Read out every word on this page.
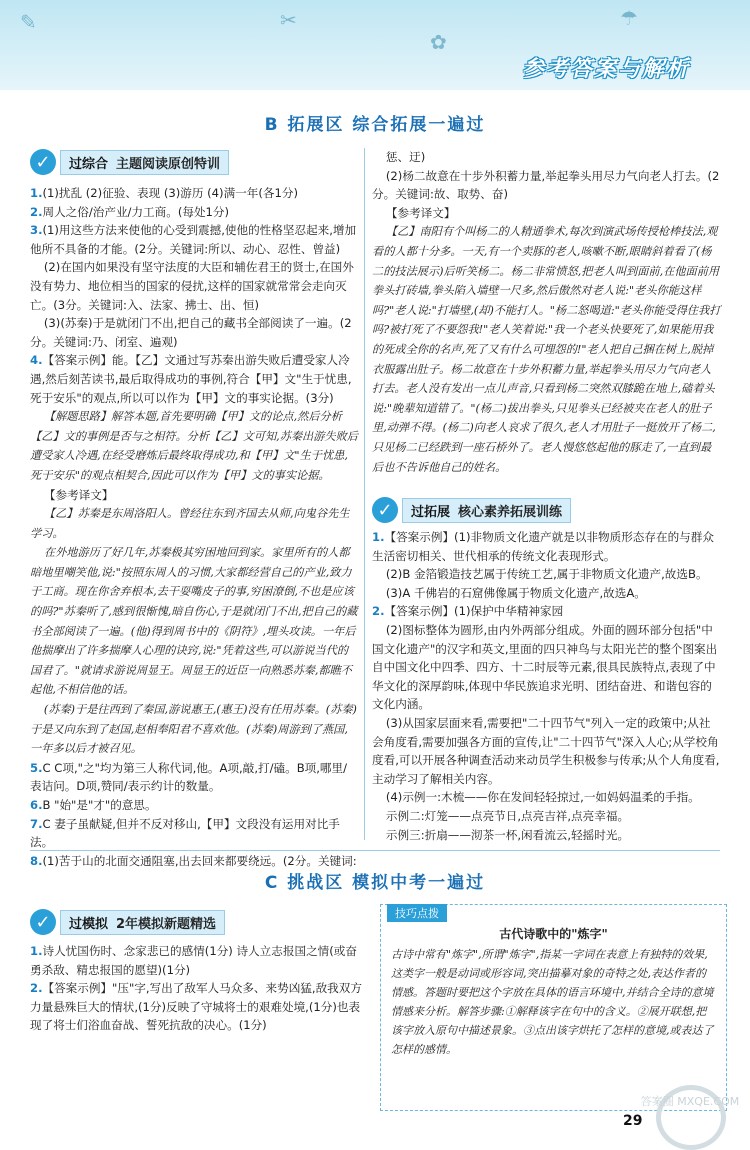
✎	✂
✿
☂
参考答案与解析
B 拓展区 综合拓展一遍过
✓	过综合 主题阅读原创特训

1.(1)扰乱 (2)征验、表现 (3)游历 (4)满一年(各1分)

2.周人之俗/治产业/力工商。(每处1分)

3.(1)用这些方法来使他的心受到震撼,使他的性格坚忍起来,增加他所不具备的才能。(2分。关键词:所以、动心、忍性、曾益)

(2)在国内如果没有坚守法度的大臣和辅佐君王的贤士,在国外没有势力、地位相当的国家的侵扰,这样的国家就常常会走向灭亡。(3分。关键词:入、法家、拂士、出、恒)

(3)(苏秦)于是就闭门不出,把自己的藏书全部阅读了一遍。(2分。关键词:乃、闭室、遍观)

4.【答案示例】能。【乙】文通过写苏秦出游失败后遭受家人冷遇,然后刻苦读书,最后取得成功的事例,符合【甲】文"生于忧患,死于安乐"的观点,所以可以作为【甲】文的事实论据。(3分)

【解题思路】解答本题,首先要明确【甲】文的论点,然后分析【乙】文的事例是否与之相符。分析【乙】文可知,苏秦出游失败后遭受家人冷遇,在经受磨炼后最终取得成功,和【甲】文"生于忧患,死于安乐"的观点相契合,因此可以作为【甲】文的事实论据。

【参考译文】

【乙】苏秦是东周洛阳人。曾经往东到齐国去从师,向鬼谷先生学习。

在外地游历了好几年,苏秦极其穷困地回到家。家里所有的人都暗地里嘲笑他,说:"按照东周人的习惯,大家都经营自己的产业,致力于工商。现在你舍弃根本,去干耍嘴皮子的事,穷困潦倒,不也是应该的吗?"苏秦听了,感到很惭愧,暗自伤心,于是就闭门不出,把自己的藏书全部阅读了一遍。(他)得到周书中的《阴符》,埋头攻读。一年后他揣摩出了许多揣摩人心理的诀窍,说:"凭着这些,可以游说当代的国君了。"就请求游说周显王。周显王的近臣一向熟悉苏秦,都瞧不起他,不相信他的话。

(苏秦)于是往西到了秦国,游说惠王,(惠王)没有任用苏秦。(苏秦)于是又向东到了赵国,赵相奉阳君不喜欢他。(苏秦)周游到了燕国,一年多以后才被召见。

5.C C项,"之"均为第三人称代词,他。A项,敲,打/磕。B项,哪里/表诘问。D项,赞同/表示约计的数量。

6.B "始"是"才"的意思。

7.C 妻子虽献疑,但并不反对移山,【甲】文段没有运用对比手法。

8.(1)苦于山的北面交通阻塞,出去回来都要绕远。(2分。关键词:

惩、迂)

(2)杨二故意在十步外积蓄力量,举起拳头用尽力气向老人打去。(2分。关键词:故、取势、奋)

【参考译文】

【乙】南阳有个叫杨二的人精通拳术,每次到演武场传授枪棒技法,观看的人都十分多。一天,有一个卖豚的老人,咳嗽不断,眼睛斜着看了(杨二的技法展示)后听笑杨二。杨二非常愤怒,把老人叫到面前,在他面前用拳头打砖墙,拳头陷入墙壁一尺多,然后傲然对老人说:"老头你能这样吗?"老人说:"打墙壁,(却)不能打人。"杨二怒喝道:"老头你能受得住我打吗?被打死了不要怨我!"老人笑着说:"我一个老头快要死了,如果能用我的死成全你的名声,死了又有什么可埋怨的!"老人把自己捆在树上,脱掉衣服露出肚子。杨二故意在十步外积蓄力量,举起拳头用尽力气向老人打去。老人没有发出一点儿声音,只看到杨二突然双膝跪在地上,磕着头说:"晚辈知道错了。"(杨二)拔出拳头,只见拳头已经被夹在老人的肚子里,动弹不得。(杨二)向老人哀求了很久,老人才用肚子一挺放开了杨二,只见杨二已经跌到一座石桥外了。老人慢悠悠起他的豚走了,一直到最后也不告诉他自己的姓名。

✓	过拓展 核心素养拓展训练

1.【答案示例】(1)非物质文化遗产就是以非物质形态存在的与群众生活密切相关、世代相承的传统文化表现形式。

(2)B 金箔锻造技艺属于传统工艺,属于非物质文化遗产,故选B。

(3)A 千佛岩的石窟佛像属于物质文化遗产,故选A。

2.【答案示例】(1)保护中华精神家园

(2)图标整体为圆形,由内外两部分组成。外面的圆环部分包括"中国文化遗产"的汉字和英文,里面的四只神鸟与太阳光芒的整个图案出自中国文化中四季、四方、十二时辰等元素,很具民族特点,表现了中华文化的深厚韵味,体现中华民族追求光明、团结奋进、和谐包容的文化内涵。

(3)从国家层面来看,需要把"二十四节气"列入一定的政策中;从社会角度看,需要加强各方面的宣传,让"二十四节气"深入人心;从学校角度看,可以开展各种调查活动来动员学生积极参与传承;从个人角度看,主动学习了解相关内容。

(4)示例一:木梳——你在发间轻轻掠过,一如妈妈温柔的手指。

示例二:灯笼——点亮节日,点亮吉祥,点亮幸福。

示例三:折扇——沏茶一杯,闲看流云,轻摇时光。

C 挑战区 模拟中考一遍过
✓	过模拟 2年模拟新题精选

1.诗人忧国伤时、念家悲已的感情(1分) 诗人立志报国之情(或奋勇杀敌、精忠报国的愿望)(1分)

2.【答案示例】"压"字,写出了敌军人马众多、来势凶猛,敌我双方力量悬殊巨大的情状,(1分)反映了守城将士的艰难处境,(1分)也表现了将士们浴血奋战、誓死抗敌的决心。(1分)

技巧点拨
古代诗歌中的"炼字"
古诗中常有"炼字",所谓"炼字",指某一字词在表意上有独特的效果,这类字一般是动词或形容词,突出描摹对象的奇特之处,表达作者的情感。答题时要把这个字放在具体的语言环境中,并结合全诗的意境情感来分析。解答步骤:①解释该字在句中的含义。②展开联想,把该字放入原句中描述景象。③点出该字烘托了怎样的意境,或表达了怎样的感情。
答案圈 MXQE.COM
29
